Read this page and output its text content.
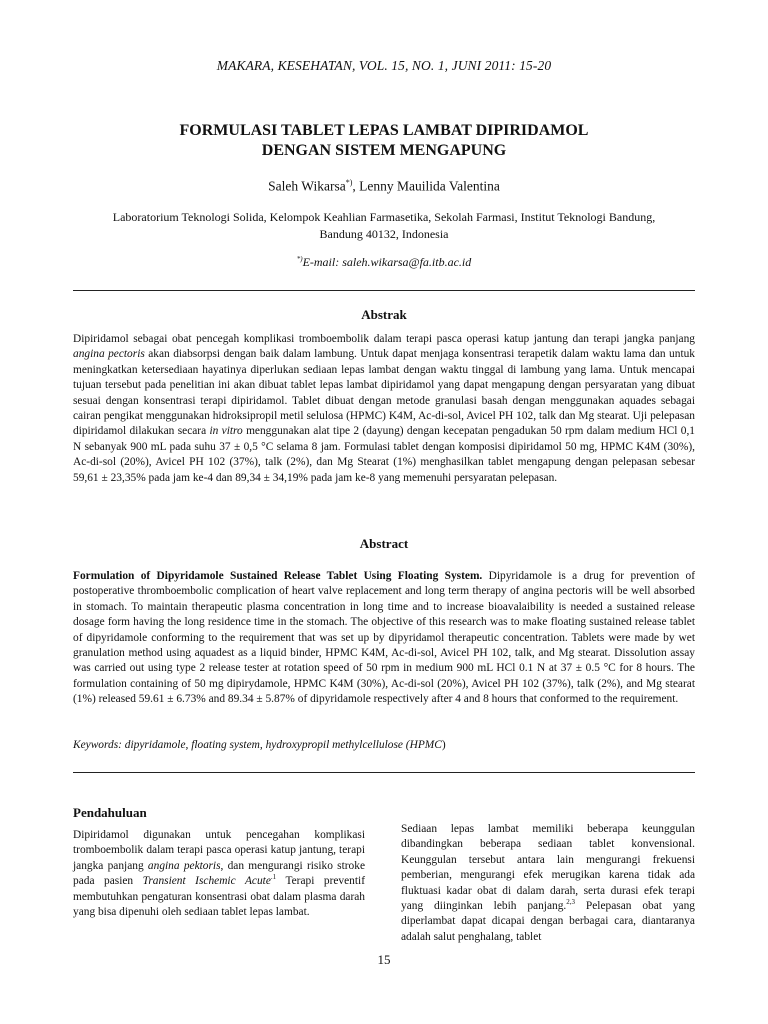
MAKARA, KESEHATAN, VOL. 15, NO. 1, JUNI 2011: 15-20
FORMULASI TABLET LEPAS LAMBAT DIPIRIDAMOL
DENGAN SISTEM MENGAPUNG
Saleh Wikarsa*), Lenny Mauilida Valentina
Laboratorium Teknologi Solida, Kelompok Keahlian Farmasetika, Sekolah Farmasi, Institut Teknologi Bandung,
Bandung 40132, Indonesia
*)E-mail: saleh.wikarsa@fa.itb.ac.id
Abstrak

Dipiridamol sebagai obat pencegah komplikasi tromboembolik dalam terapi pasca operasi katup jantung dan terapi jangka panjang angina pectoris akan diabsorpsi dengan baik dalam lambung. Untuk dapat menjaga konsentrasi terapetik dalam waktu lama dan untuk meningkatkan ketersediaan hayatinya diperlukan sediaan lepas lambat dengan waktu tinggal di lambung yang lama. Untuk mencapai tujuan tersebut pada penelitian ini akan dibuat tablet lepas lambat dipiridamol yang dapat mengapung dengan persyaratan yang dibuat sesuai dengan konsentrasi terapi dipiridamol. Tablet dibuat dengan metode granulasi basah dengan menggunakan aquades sebagai cairan pengikat menggunakan hidroksipropil metil selulosa (HPMC) K4M, Ac-di-sol, Avicel PH 102, talk dan Mg stearat. Uji pelepasan dipiridamol dilakukan secara in vitro menggunakan alat tipe 2 (dayung) dengan kecepatan pengadukan 50 rpm dalam medium HCl 0,1 N sebanyak 900 mL pada suhu 37 ± 0,5 °C selama 8 jam. Formulasi tablet dengan komposisi dipiridamol 50 mg, HPMC K4M (30%), Ac-di-sol (20%), Avicel PH 102 (37%), talk (2%), dan Mg Stearat (1%) menghasilkan tablet mengapung dengan pelepasan sebesar 59,61 ± 23,35% pada jam ke-4 dan 89,34 ± 34,19% pada jam ke-8 yang memenuhi persyaratan pelepasan.

Abstract

Formulation of Dipyridamole Sustained Release Tablet Using Floating System. Dipyridamole is a drug for prevention of postoperative thromboembolic complication of heart valve replacement and long term therapy of angina pectoris will be well absorbed in stomach. To maintain therapeutic plasma concentration in long time and to increase bioavalaibility is needed a sustained release dosage form having the long residence time in the stomach. The objective of this research was to make floating sustained release tablet of dipyridamole conforming to the requirement that was set up by dipyridamol therapeutic concentration. Tablets were made by wet granulation method using aquadest as a liquid binder, HPMC K4M, Ac-di-sol, Avicel PH 102, talk, and Mg stearat. Dissolution assay was carried out using type 2 release tester at rotation speed of 50 rpm in medium 900 mL HCl 0.1 N at 37 ± 0.5 °C for 8 hours. The formulation containing of 50 mg dipirydamole, HPMC K4M (30%), Ac-di-sol (20%), Avicel PH 102 (37%), talk (2%), and Mg stearat (1%) released 59.61 ± 6.73% and 89.34 ± 5.87% of dipyridamole respectively after 4 and 8 hours that conformed to the requirement.

Keywords: dipyridamole, floating system, hydroxypropil methylcellulose (HPMC)
Pendahuluan

Dipiridamol digunakan untuk pencegahan komplikasi tromboembolik dalam terapi pasca operasi katup jantung, terapi jangka panjang angina pektoris, dan mengurangi risiko stroke pada pasien Transient Ischemic Acute$^{.1}$ Terapi preventif membutuhkan pengaturan konsentrasi obat dalam plasma darah yang bisa dipenuhi oleh sediaan tablet lepas lambat.

Sediaan lepas lambat memiliki beberapa keunggulan dibandingkan beberapa sediaan tablet konvensional. Keunggulan tersebut antara lain mengurangi frekuensi pemberian, mengurangi efek merugikan karena tidak ada fluktuasi kadar obat di dalam darah, serta durasi efek terapi yang diinginkan lebih panjang.$^{2,3}$ Pelepasan obat yang diperlambat dapat dicapai dengan berbagai cara, diantaranya adalah salut penghalang, tablet

15
